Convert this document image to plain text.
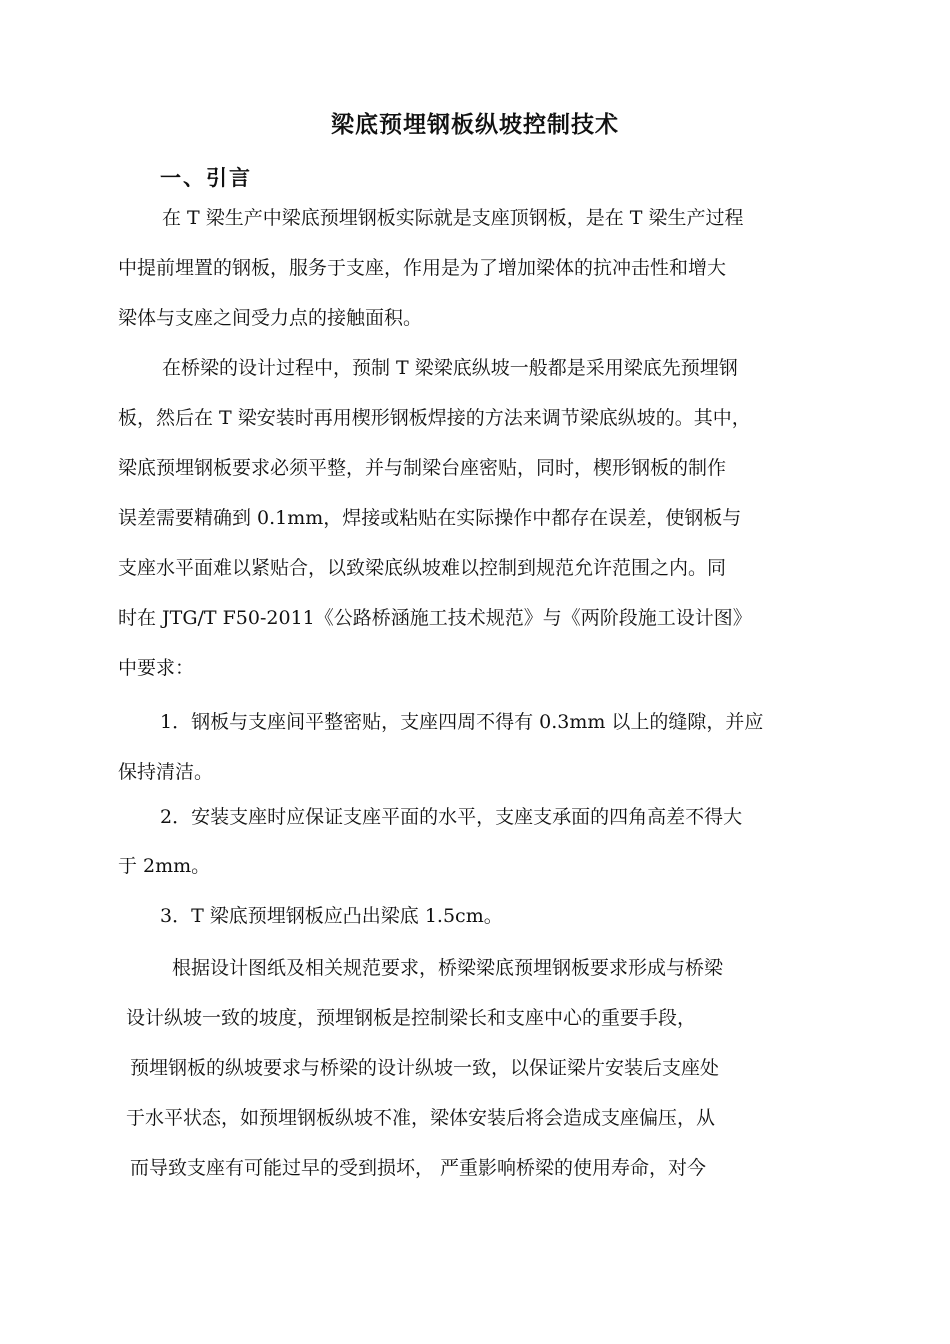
梁底预埋钢板纵坡控制技术
一、引言
在 T 梁生产中梁底预埋钢板实际就是支座顶钢板，是在 T 梁生产过程
中提前埋置的钢板，服务于支座，作用是为了增加梁体的抗冲击性和增大
梁体与支座之间受力点的接触面积。
在桥梁的设计过程中，预制 T 梁梁底纵坡一般都是采用梁底先预埋钢
板，然后在 T 梁安装时再用楔形钢板焊接的方法来调节梁底纵坡的。其中，
梁底预埋钢板要求必须平整，并与制梁台座密贴，同时，楔形钢板的制作
误差需要精确到 0.1mm，焊接或粘贴在实际操作中都存在误差，使钢板与
支座水平面难以紧贴合，以致梁底纵坡难以控制到规范允许范围之内。同
时在 JTG/T F50-2011《公路桥涵施工技术规范》与《两阶段施工设计图》
中要求：
1．钢板与支座间平整密贴，支座四周不得有 0.3mm 以上的缝隙，并应
保持清洁。
2．安装支座时应保证支座平面的水平，支座支承面的四角高差不得大
于 2mm。
3．T 梁底预埋钢板应凸出梁底 1.5cm。
根据设计图纸及相关规范要求，桥梁梁底预埋钢板要求形成与桥梁
设计纵坡一致的坡度，预埋钢板是控制梁长和支座中心的重要手段，
预埋钢板的纵坡要求与桥梁的设计纵坡一致，以保证梁片安装后支座处
于水平状态，如预埋钢板纵坡不准，梁体安装后将会造成支座偏压，从
而导致支座有可能过早的受到损坏， 严重影响桥梁的使用寿命，对今
